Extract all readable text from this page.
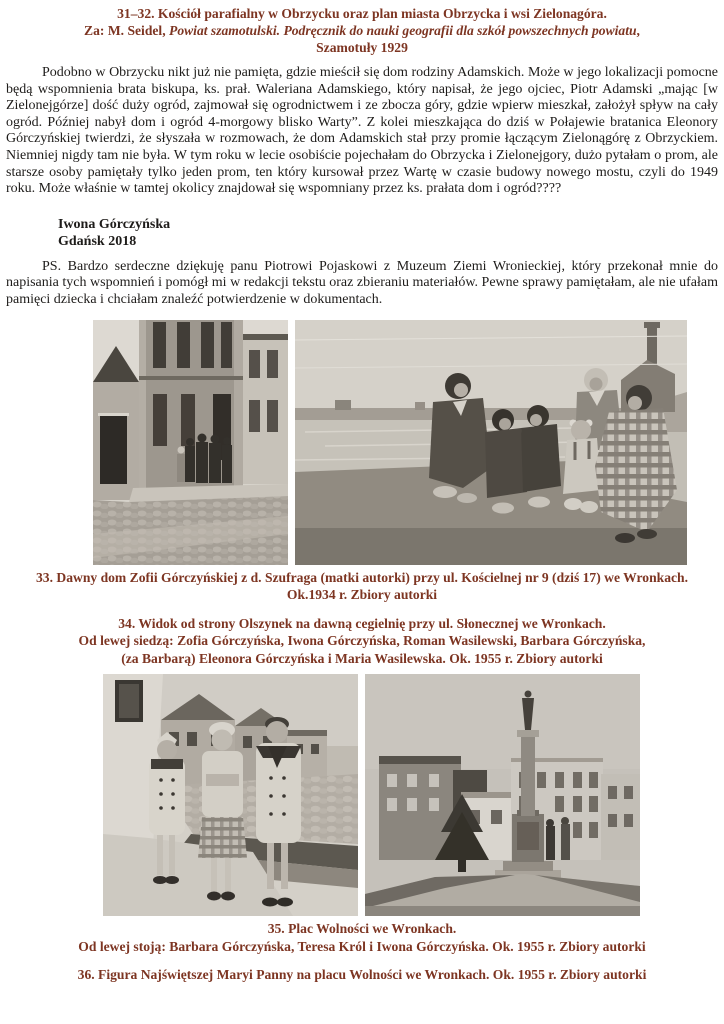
31–32. Kościół parafialny w Obrzycku oraz plan miasta Obrzycka i wsi Zielonagóra.
Za: M. Seidel, Powiat szamotulski. Podręcznik do nauki geografii dla szkół powszechnych powiatu,
Szamotuły 1929

Podobno w Obrzycku nikt już nie pamięta, gdzie mieścił się dom rodziny Adamskich. Może w jego lokalizacji pomocne będą wspomnienia brata biskupa, ks. prał. Waleriana Adamskiego, który napisał, że jego ojciec, Piotr Adamski „mając [w Zielonejgórze] dość duży ogród, zajmował się ogrodnictwem i ze zbocza góry, gdzie wpierw mieszkał, założył spływ na cały ogród. Później nabył dom i ogród 4-morgowy blisko Warty”. Z kolei mieszkająca do dziś w Połajewie bratanica Eleonory Górczyńskiej twierdzi, że słyszała w rozmowach, że dom Adamskich stał przy promie łączącym Zielonągórę z Obrzyckiem. Niemniej nigdy tam nie była. W tym roku w lecie osobiście pojechałam do Obrzycka i Zielonejgory, dużo pytałam o prom, ale starsze osoby pamiętały tylko jeden prom, ten który kursował przez Wartę w czasie budowy nowego mostu, czyli do 1949 roku. Może właśnie w tamtej okolicy znajdował się wspomniany przez ks. prałata dom i ogród????

Iwona Górczyńska
Gdańsk 2018

PS. Bardzo serdeczne dziękuję panu Piotrowi Pojaskowi z Muzeum Ziemi Wronieckiej, który przekonał mnie do napisania tych wspomnień i pomógł mi w redakcji tekstu oraz zbieraniu materiałów. Pewne sprawy pamiętałam, ale nie ufałam pamięci dziecka i chciałam znaleźć potwierdzenie w dokumentach.

33. Dawny dom Zofii Górczyńskiej z d. Szufraga (matki autorki) przy ul. Kościelnej nr 9 (dziś 17) we Wronkach.
Ok.1934 r. Zbiory autorki
34. Widok od strony Olszynek na dawną cegielnię przy ul. Słonecznej we Wronkach.
Od lewej siedzą: Zofia Górczyńska, Iwona Górczyńska, Roman Wasilewski, Barbara Górczyńska,
(za Barbarą) Eleonora Górczyńska i Maria Wasilewska. Ok. 1955 r. Zbiory autorki
35. Plac Wolności we Wronkach.
Od lewej stoją: Barbara Górczyńska, Teresa Król i Iwona Górczyńska. Ok. 1955 r. Zbiory autorki
36. Figura Najświętszej Maryi Panny na placu Wolności we Wronkach. Ok. 1955 r. Zbiory autorki
